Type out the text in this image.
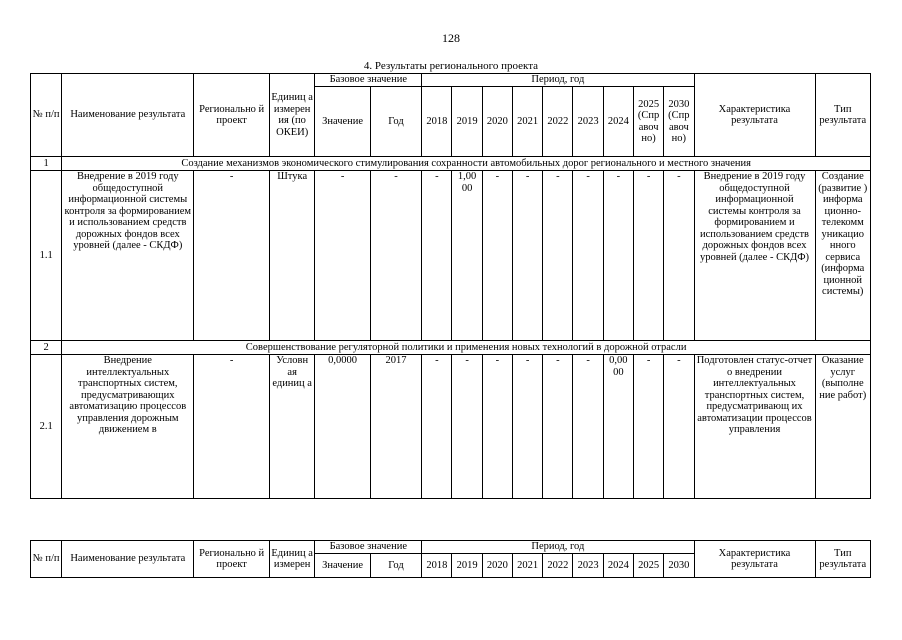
128
4. Результаты регионального проекта
№ п/п	Наименование результата	Регионально й проект	Единиц а измерен ия (по ОКЕИ)	Базовое значение		Период, год									Характеристика результата	Тип результата
				Значение	Год	2018	2019	2020	2021	2022	2023	2024	2025 (Спр авоч но)	2030 (Спр авоч но)		
1	Создание механизмов экономического стимулирования сохранности автомобильных дорог регионального и местного значения															
1.1	Внедрение в 2019 году общедоступной информационной системы контроля за формированием и использованием средств дорожных фондов всех уровней (далее - СКДФ)	-	Штука	-	-	-	1,00 00	-	-	-	-	-	-	-	Внедрение в 2019 году общедоступной информационной системы контроля за формированием и использованием средств дорожных фондов всех уровней (далее - СКДФ)	Создание (развитие ) информа ционно-телекомм уникацио нного сервиса (информа ционной системы)
2	Совершенствование регуляторной политики и применения новых технологий в дорожной отрасли															
2.1	Внедрение интеллектуальных транспортных систем, предусматривающих автоматизацию процессов управления дорожным движением в	-	Условн ая единиц а	0,0000	2017	-	-	-	-	-	-	0,00 00	-	-	Подготовлен статус-отчет о внедрении интеллектуальных транспортных систем, предусматривающ их автоматизации процессов управления	Оказание услуг (выполне ние работ)
№ п/п	Наименование результата	Регионально й проект	Единиц а измерен	Базовое значение		Период, год									Характеристика результата	Тип результата
				Значение	Год	2018	2019	2020	2021	2022	2023	2024	2025	2030		
